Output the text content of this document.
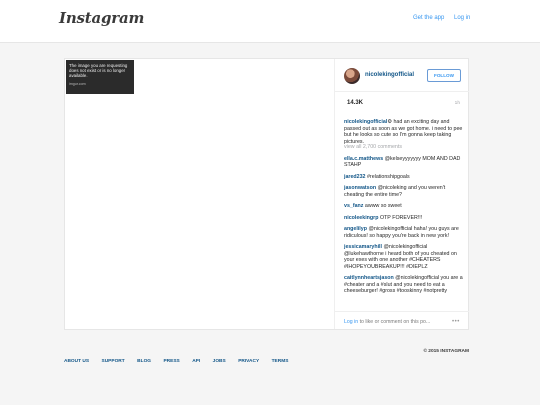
Instagram	Get the app Log in
The image you are requesting does not exist or is no longer available.
imgur.com
nicolekingofficial	FOLLOW
14.3K	1h
nicolekingofficial⚙ had an exciting day and passed out as soon as we got home. i need to pee but he looks so cute so I'm gonna keep taking pictures.
view all 2,700 comments
ella.c.matthews @kelseyyyyyyy MOM AND DAD STAHP
jared232 #relationshipgoals
jasonwatson @nicoleking and you weren't cheating the entire time?
vs_fanz awww so sweet
nicoleekingrp OTP FOREVER!!!
angelilyp @nicolekingofficial haha! you guys are ridiculous! so happy you're back in new york!
jessicamaryhill @nicolekingofficial @lukehawthorne i heard both of you cheated on your exes with one another #CHEATERS #IHOPEYOUBREAKUP!!! #DIEPLZ
caitlynnheartsjason @nicolekingofficial you are a #cheater and a #slut and you need to eat a cheeseburger! #gross #tooskinny #notpretty
Log in to like or comment on this po...	•••
ABOUT US	SUPPORT	BLOG	PRESS	API	JOBS	PRIVACY	TERMS
© 2015 INSTAGRAM
